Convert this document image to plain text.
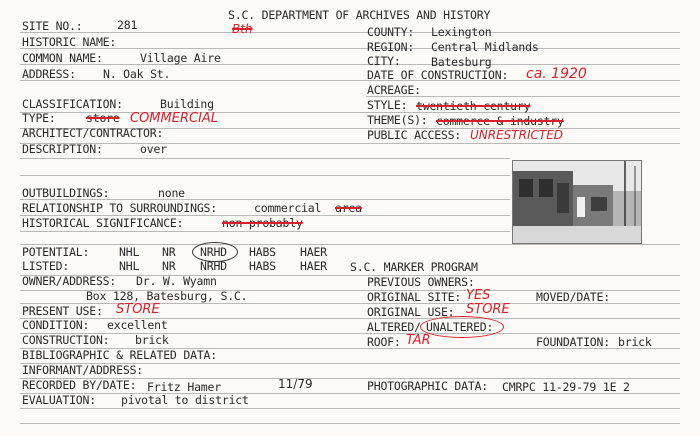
SITE NO.:	281
S.C. DEPARTMENT OF ARCHIVES AND HISTORY
Bth
HISTORIC NAME:
COMMON NAME:	Village Aire
ADDRESS: N. Oak St.
CLASSIFICATION:	Building
TYPE:	store COMMERCIAL
ARCHITECT/CONTRACTOR:
DESCRIPTION:	over
COUNTY: Lexington
REGION: Central Midlands
CITY:	Batesburg
DATE OF CONSTRUCTION: ca. 1920
ACREAGE:
STYLE: twentieth century
THEME(S): commerce & industry
PUBLIC ACCESS: UNRESTRICTED
OUTBUILDINGS:	none
RELATIONSHIP TO SURROUNDINGS:	commercial area
HISTORICAL SIGNIFICANCE:	non probably
POTENTIAL:	NHL NR NRHD HABS HAER
LISTED:	NHL NR NRHD HABS HAER S.C. MARKER PROGRAM
OWNER/ADDRESS: Dr. W. Wyamn
Box 128, Batesburg, S.C.
PREVIOUS OWNERS:
ORIGINAL SITE: YES	MOVED/DATE:
PRESENT USE: STORE	ORIGINAL USE: STORE
CONDITION: excellent	ALTERED/ UNALTERED:
CONSTRUCTION: brick	ROOF: TAR	FOUNDATION: brick
BIBLIOGRAPHIC & RELATED DATA:
INFORMANT/ADDRESS:
RECORDED BY/DATE: Fritz Hamer	11/79	PHOTOGRAPHIC DATA: CMRPC 11-29-79 1E 2
EVALUATION: pivotal to district
